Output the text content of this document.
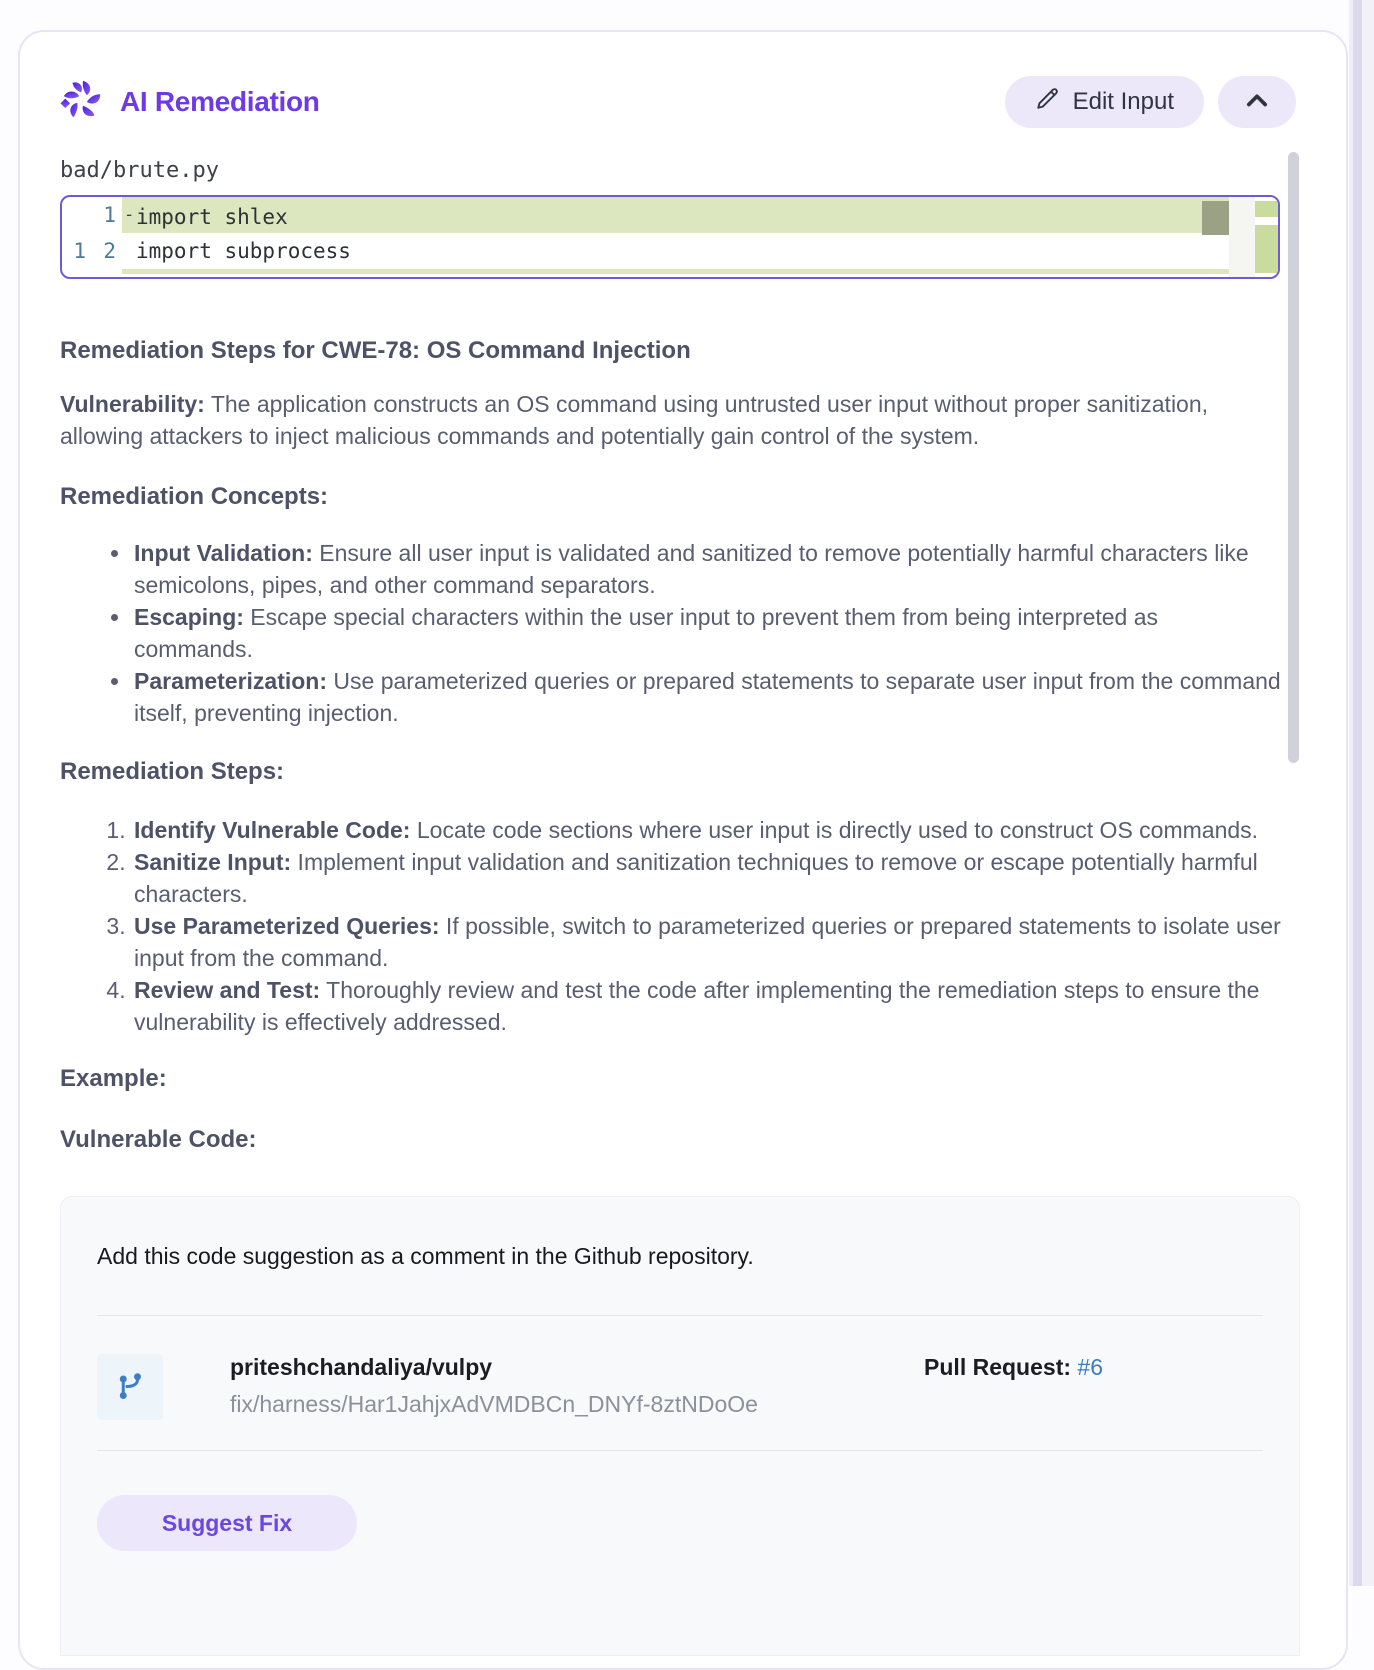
AI Remediation	Edit Input
bad/brute.py
1 -import shlex
1 2 import subprocess
Remediation Steps for CWE-78: OS Command Injection

Vulnerability: The application constructs an OS command using untrusted user input without proper sanitization, allowing attackers to inject malicious commands and potentially gain control of the system.

Remediation Concepts:
• Input Validation: Ensure all user input is validated and sanitized to remove potentially harmful characters like semicolons, pipes, and other command separators.
• Escaping: Escape special characters within the user input to prevent them from being interpreted as commands.
• Parameterization: Use parameterized queries or prepared statements to separate user input from the command itself, preventing injection.
Remediation Steps:
1. Identify Vulnerable Code: Locate code sections where user input is directly used to construct OS commands.
2. Sanitize Input: Implement input validation and sanitization techniques to remove or escape potentially harmful characters.
3. Use Parameterized Queries: If possible, switch to parameterized queries or prepared statements to isolate user input from the command.
4. Review and Test: Thoroughly review and test the code after implementing the remediation steps to ensure the vulnerability is effectively addressed.
Example:
Vulnerable Code:

Add this code suggestion as a comment in the Github repository.

priteshchandaliya/vulpy
fix/harness/Har1JahjxAdVMDBCn_DNYf-8ztNDoOe
Pull Request: #6
Suggest Fix
